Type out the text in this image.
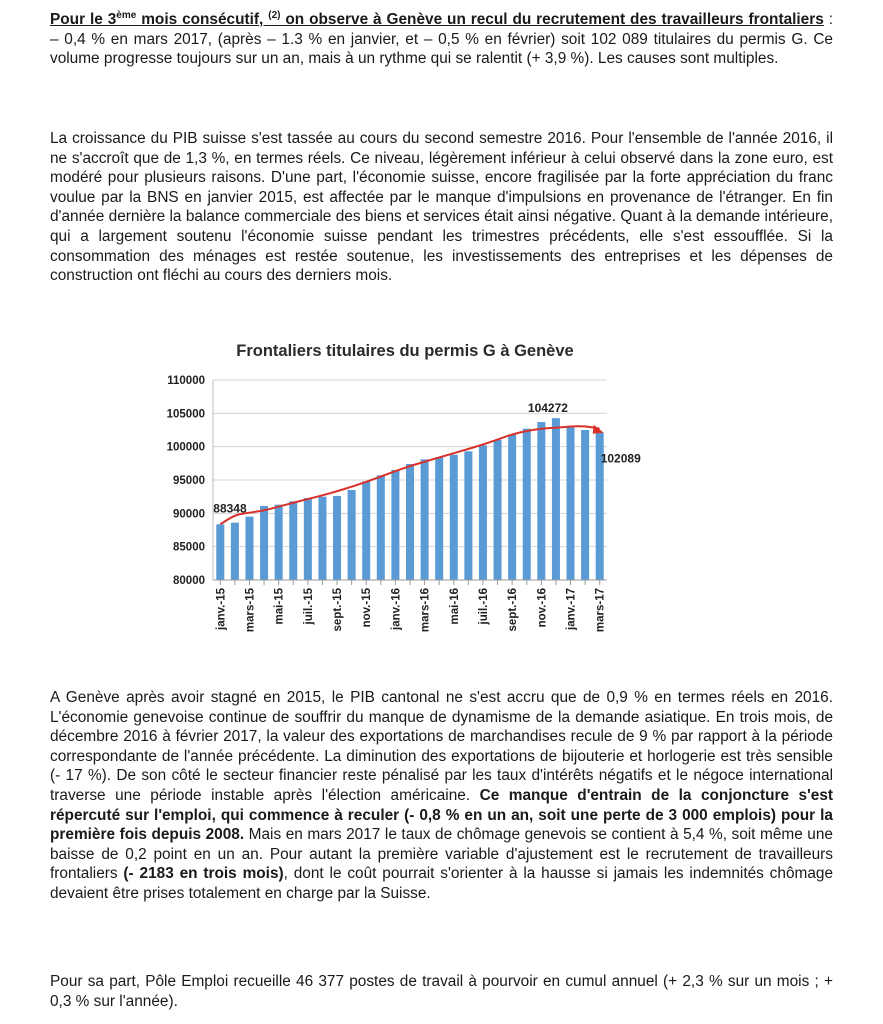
Pour le 3ème mois consécutif, $^{(2)}$ on observe à Genève un recul du recrutement des travailleurs frontaliers : – 0,4 % en mars 2017, (après – 1.3 % en janvier, et – 0,5 % en février) soit 102 089 titulaires du permis G. Ce volume progresse toujours sur un an, mais à un rythme qui se ralentit (+ 3,9 %). Les causes sont multiples.
La croissance du PIB suisse s'est tassée au cours du second semestre 2016. Pour l'ensemble de l'année 2016, il ne s'accroît que de 1,3 %, en termes réels. Ce niveau, légèrement inférieur à celui observé dans la zone euro, est modéré pour plusieurs raisons. D'une part, l'économie suisse, encore fragilisée par la forte appréciation du franc voulue par la BNS en janvier 2015, est affectée par le manque d'impulsions en provenance de l'étranger. En fin d'année dernière la balance commerciale des biens et services était ainsi négative. Quant à la demande intérieure, qui a largement soutenu l'économie suisse pendant les trimestres précédents, elle s'est essoufflée. Si la consommation des ménages est restée soutenue, les investissements des entreprises et les dépenses de construction ont fléchi au cours des derniers mois.
Frontaliers titulaires du permis G à Genève
110000
105000
100000
95000
90000
85000
80000
janv.-15 mars-15 mai-15 juil.-15 sept.-15 nov.-15 janv.-16 mars-16 mai-16 juil.-16 sept.-16 nov.-16 janv.-17 mars-17
88348
104272
102089
A Genève après avoir stagné en 2015, le PIB cantonal ne s'est accru que de 0,9 % en termes réels en 2016. L'économie genevoise continue de souffrir du manque de dynamisme de la demande asiatique. En trois mois, de décembre 2016 à février 2017, la valeur des exportations de marchandises recule de 9 % par rapport à la période correspondante de l'année précédente. La diminution des exportations de bijouterie et horlogerie est très sensible (- 17 %). De son côté le secteur financier reste pénalisé par les taux d'intérêts négatifs et le négoce international traverse une période instable après l'élection américaine. Ce manque d'entrain de la conjoncture s'est répercuté sur l'emploi, qui commence à reculer (- 0,8 % en un an, soit une perte de 3 000 emplois) pour la première fois depuis 2008. Mais en mars 2017 le taux de chômage genevois se contient à 5,4 %, soit même une baisse de 0,2 point en un an. Pour autant la première variable d'ajustement est le recrutement de travailleurs frontaliers (- 2183 en trois mois), dont le coût pourrait s'orienter à la hausse si jamais les indemnités chômage devaient être prises totalement en charge par la Suisse.
Pour sa part, Pôle Emploi recueille 46 377 postes de travail à pourvoir en cumul annuel (+ 2,3 % sur un mois ; + 0,3 % sur l'année).
